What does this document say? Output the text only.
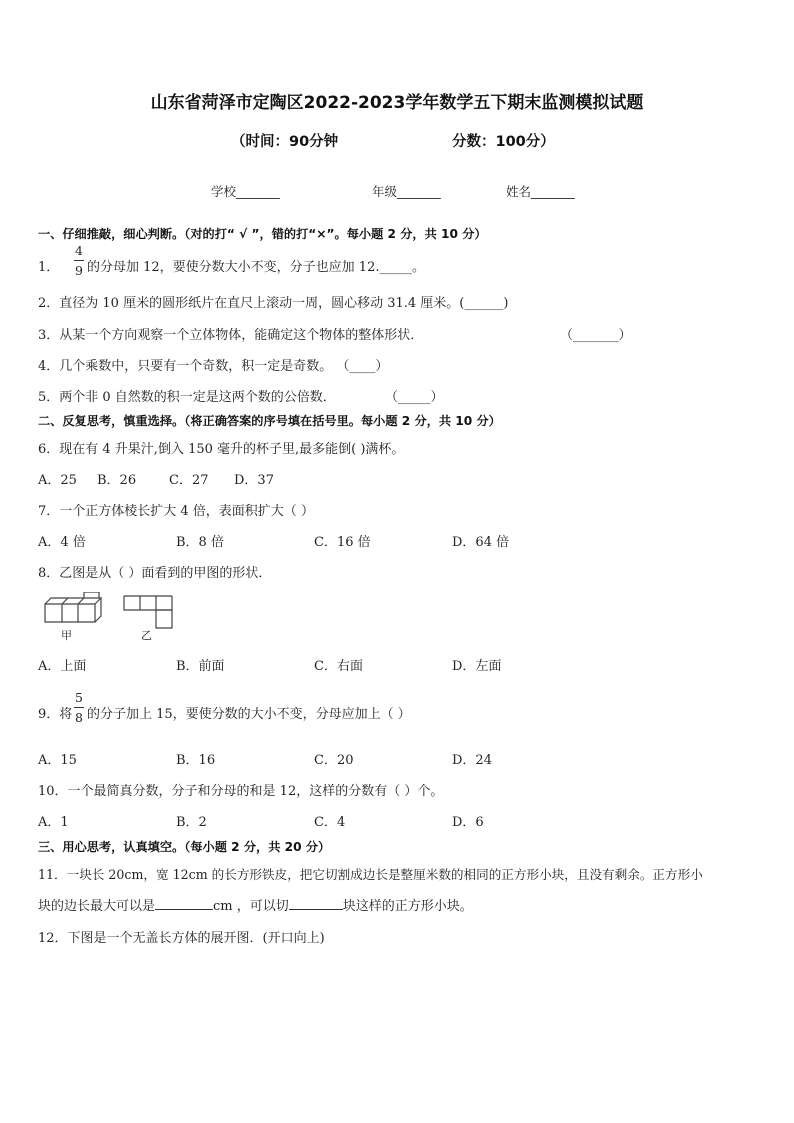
山东省菏泽市定陶区2022-2023学年数学五下期末监测模拟试题
（时间：90分钟	分数：100分）
学校_______	年级_______	姓名_______
一、仔细推敲，细心判断。（对的打“ √ ”，错的打“×”。每小题 2 分，共 10 分）
1．
4
9 的分母加 12，要使分数大小不变，分子也应加 12._____。
2．直径为 10 厘米的圆形纸片在直尺上滚动一周，圆心移动 31.4 厘米。(______)
3．从某一个方向观察一个立体物体，能确定这个物体的整体形状．	（_______）
4．几个乘数中，只要有一个奇数，积一定是奇数。 （____）
5．两个非 0 自然数的积一定是这两个数的公倍数．	（_____）
二、反复思考，慎重选择。（将正确答案的序号填在括号里。每小题 2 分，共 10 分）
6．现在有 4 升果汁,倒入 150 毫升的杯子里,最多能倒( )满杯。
A．25 B．26	C．27 D．37
7．一个正方体棱长扩大 4 倍，表面积扩大（ ）
A．4 倍	B．8 倍	C．16 倍	D．64 倍
8．乙图是从（ ）面看到的甲图的形状．
甲	乙
A．上面	B．前面	C．右面	D．左面
9．将
5
8 的分子加上 15，要使分数的大小不变，分母应加上（ ）
A．15	B．16	C．20	D．24
10．一个最简真分数，分子和分母的和是 12，这样的分数有（ ）个。
A．1	B．2	C．4	D．6
三、用心思考，认真填空。（每小题 2 分，共 20 分）
11．一块长 20cm，宽 12cm 的长方形铁皮，把它切割成边长是整厘米数的相同的正方形小块，且没有剩余。正方形小
块的边长最大可以是	cm ，可以切	块这样的正方形小块。
12．下图是一个无盖长方体的展开图．(开口向上)
